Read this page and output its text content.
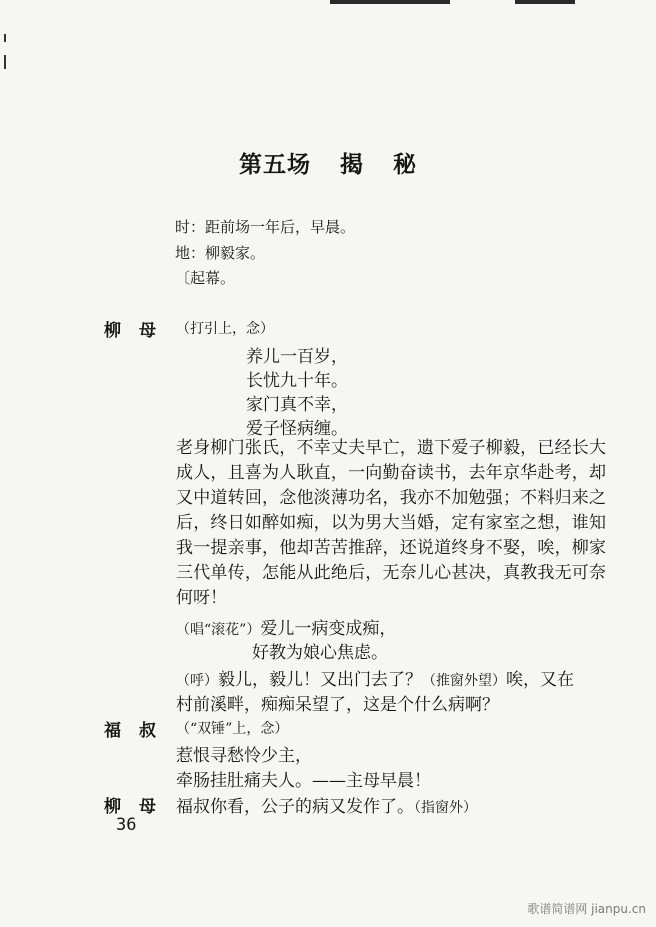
第五场 揭 秘
时：距前场一年后，早晨。
地：柳毅家。
〔起幕。
柳母 （打引上，念）
养儿一百岁，
长忧九十年。
家门真不幸，
爱子怪病缠。
老身柳门张氏，不幸丈夫早亡，遗下爱子柳毅，已经长大成人，且喜为人耿直，一向勤奋读书，去年京华赴考，却又中道转回，念他淡薄功名，我亦不加勉强；不料归来之后，终日如醉如痴，以为男大当婚，定有家室之想，谁知我一提亲事，他却苦苦推辞，还说道终身不娶，唉，柳家三代单传，怎能从此绝后，无奈儿心甚决，真教我无可奈何呀！
（唱“滚花”）爱儿一病变成痴，
好教为娘心焦虑。
（呼）毅儿，毅儿！又出门去了？（推窗外望）唉，又在
村前溪畔，痴痴呆望了，这是个什么病啊？
福叔 （“双锤”上，念）
惹恨寻愁怜少主，
牵肠挂肚痛夫人。——主母早晨！
柳母 福叔你看，公子的病又发作了。（指窗外）
36
歌谱简谱网 jianpu.cn
